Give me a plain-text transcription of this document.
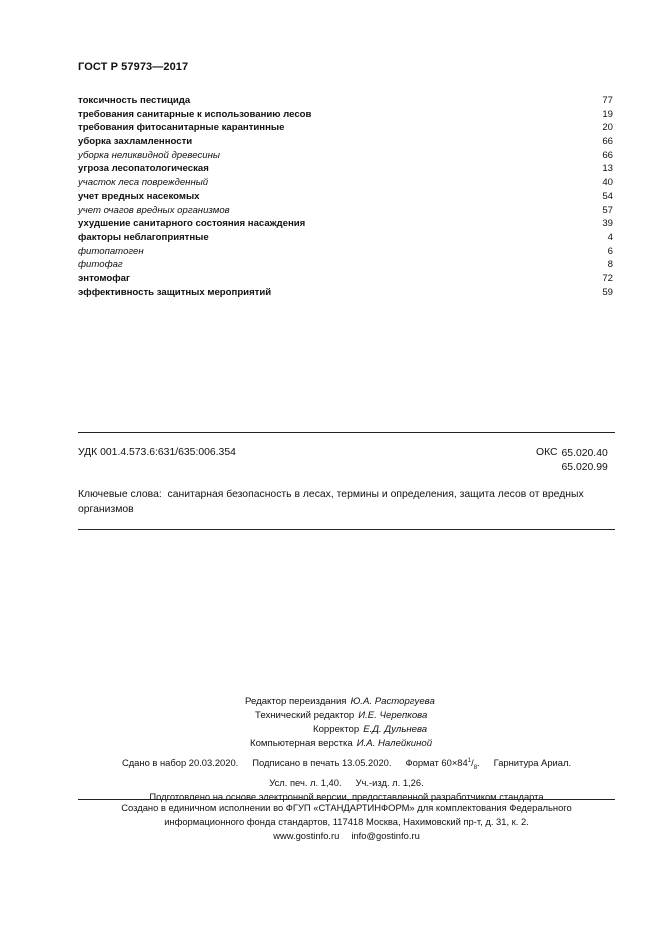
ГОСТ Р 57973—2017
токсичность пестицида	77
требования санитарные к использованию лесов	19
требования фитосанитарные карантинные	20
уборка захламленности	66
уборка неликвидной древесины	66
угроза лесопатологическая	13
участок леса поврежденный	40
учет вредных насекомых	54
учет очагов вредных организмов	57
ухудшение санитарного состояния насаждения	39
факторы неблагоприятные	4
фитопатоген	6
фитофаг	8
энтомофаг	72
эффективность защитных мероприятий	59
УДК 001.4.573.6:631/635:006.354	ОКС 65.020.40
65.020.99
Ключевые слова: санитарная безопасность в лесах, термины и определения, защита лесов от вредных организмов
Редактор переиздания Ю.А. Расторгуева
Технический редактор И.Е. Черепкова
Корректор Е.Д. Дульнева
Компьютерная верстка И.А. Налейкиной
Сдано в набор 20.03.2020. Подписано в печать 13.05.2020. Формат $60\times 84^1/_8$. Гарнитура Ариал.
Усл. печ. л. 1,40. Уч.-изд. л. 1,26.
Подготовлено на основе электронной версии, предоставленной разработчиком стандарта
Создано в единичном исполнении во ФГУП «СТАНДАРТИНФОРМ» для комплектования Федерального
информационного фонда стандартов, 117418 Москва, Нахимовский пр-т, д. 31, к. 2.
www.gostinfo.ru info@gostinfo.ru
